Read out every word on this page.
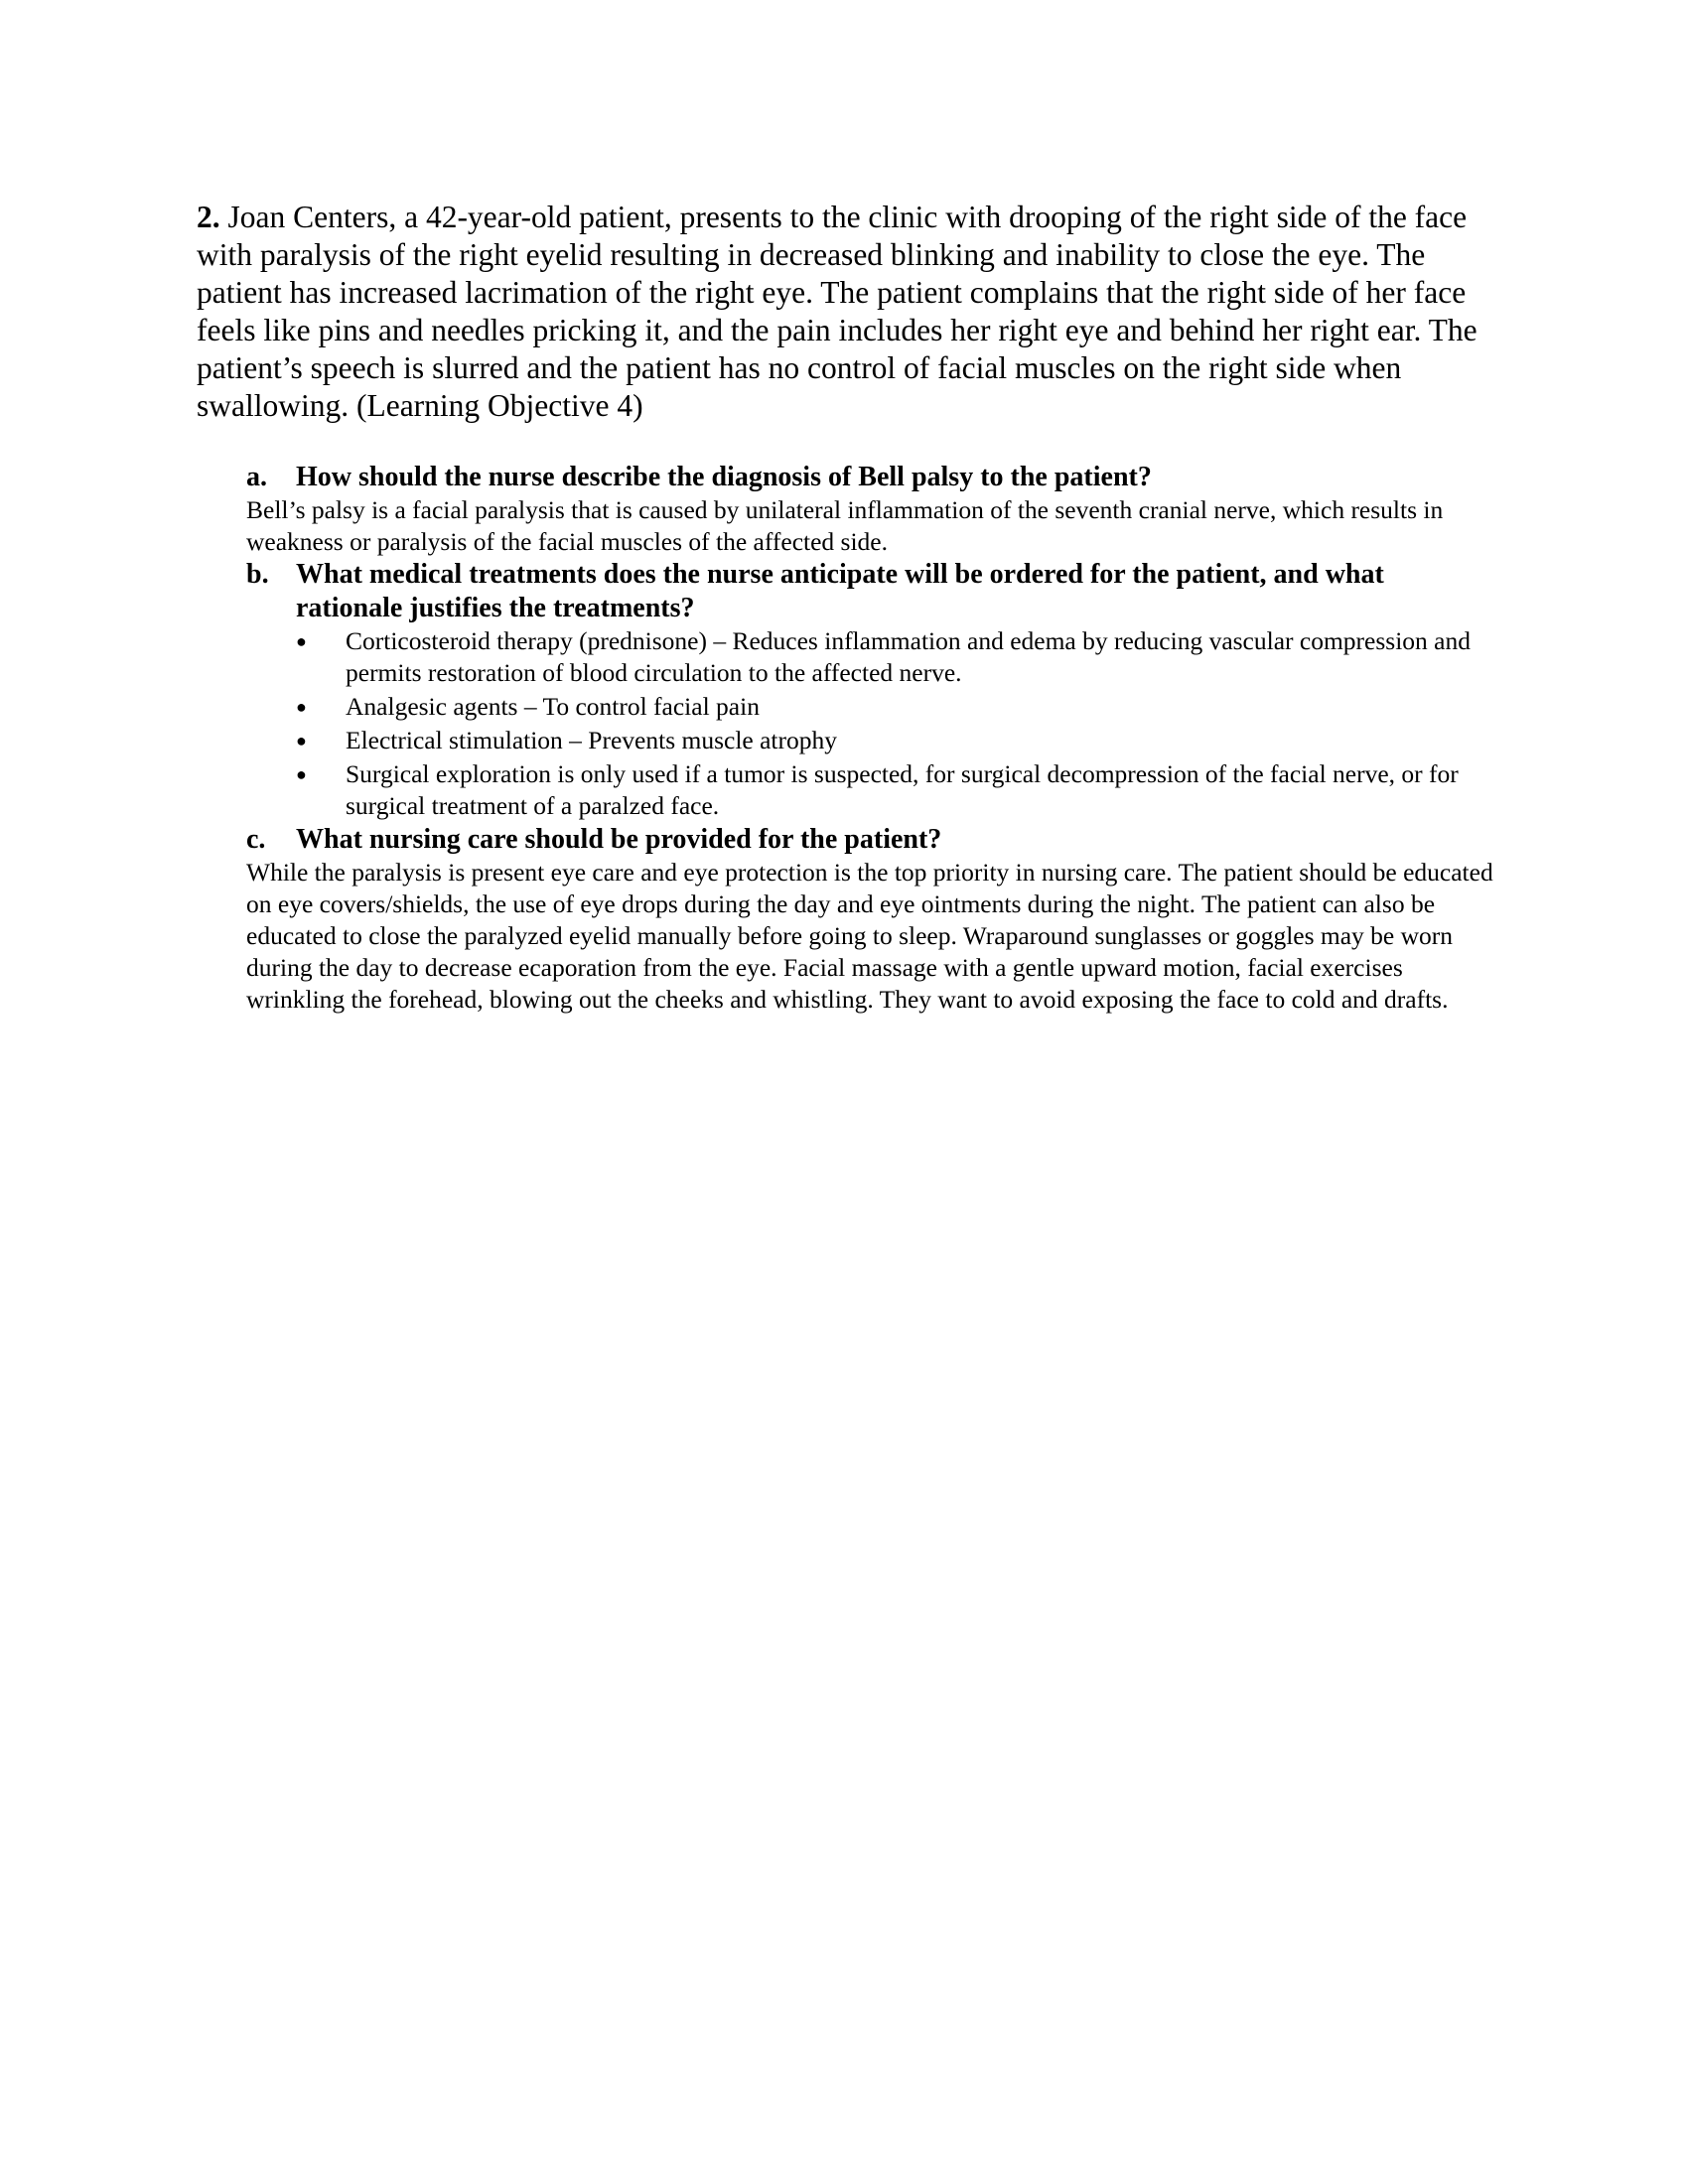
2. Joan Centers, a 42-year-old patient, presents to the clinic with drooping of the right side of the face with paralysis of the right eyelid resulting in decreased blinking and inability to close the eye. The patient has increased lacrimation of the right eye. The patient complains that the right side of her face feels like pins and needles pricking it, and the pain includes her right eye and behind her right ear. The patient’s speech is slurred and the patient has no control of facial muscles on the right side when swallowing. (Learning Objective 4)

a. How should the nurse describe the diagnosis of Bell palsy to the patient?

Bell’s palsy is a facial paralysis that is caused by unilateral inflammation of the seventh cranial nerve, which results in weakness or paralysis of the facial muscles of the affected side.

b. What medical treatments does the nurse anticipate will be ordered for the patient, and what rationale justifies the treatments?

● Corticosteroid therapy (prednisone) – Reduces inflammation and edema by reducing vascular compression and permits restoration of blood circulation to the affected nerve.
● Analgesic agents – To control facial pain
● Electrical stimulation – Prevents muscle atrophy
● Surgical exploration is only used if a tumor is suspected, for surgical decompression of the facial nerve, or for surgical treatment of a paralzed face.

c. What nursing care should be provided for the patient?

While the paralysis is present eye care and eye protection is the top priority in nursing care. The patient should be educated on eye covers/shields, the use of eye drops during the day and eye ointments during the night. The patient can also be educated to close the paralyzed eyelid manually before going to sleep. Wraparound sunglasses or goggles may be worn during the day to decrease ecaporation from the eye. Facial massage with a gentle upward motion, facial exercises wrinkling the forehead, blowing out the cheeks and whistling. They want to avoid exposing the face to cold and drafts.
